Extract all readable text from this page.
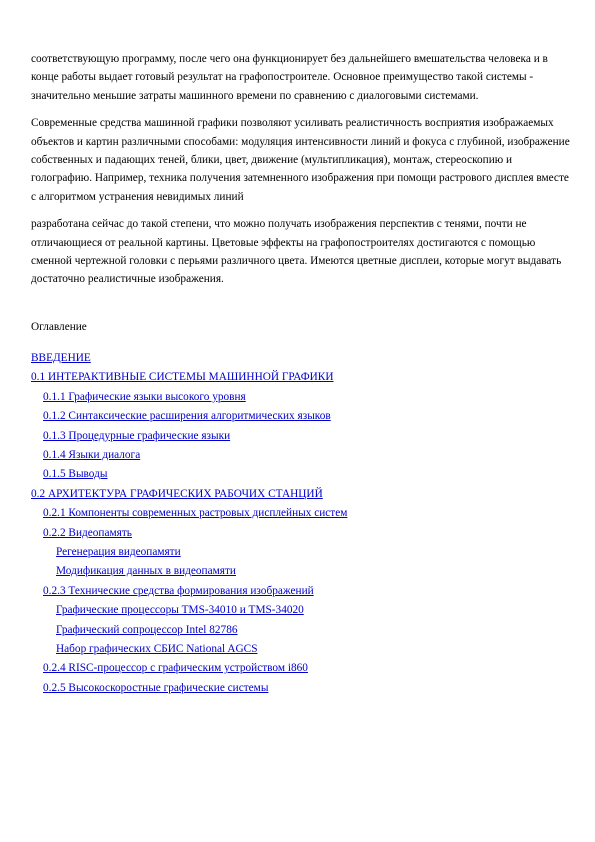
соответствующую программу, после чего она функционирует без дальнейшего вмешательства человека и в конце работы выдает готовый результат на графопостроителе. Основное преимущество такой системы - значительно меньшие затраты машинного времени по сравнению с диалоговыми системами.

Современные средства машинной графики позволяют усиливать реалистичность восприятия изображаемых объектов и картин различными способами: модуляция интенсивности линий и фокуса с глубиной, изображение собственных и падающих теней, блики, цвет, движение (мультипликация), монтаж, стереоскопию и голографию. Например, техника получения затемненного изображения при помощи растрового дисплея вместе с алгоритмом устранения невидимых линий

разработана сейчас до такой степени, что можно получать изображения перспектив с тенями, почти не отличающиеся от реальной картины. Цветовые эффекты на графопостроителях достигаются с помощью сменной чертежной головки с перьями различного цвета. Имеются цветные дисплеи, которые могут выдавать достаточно реалистичные изображения.

Оглавление
ВВЕДЕНИЕ
0.1 ИНТЕРАКТИВНЫЕ СИСТЕМЫ МАШИННОЙ ГРАФИКИ
0.1.1 Графические языки высокого уровня
0.1.2 Синтаксические расширения алгоритмических языков
0.1.3 Процедурные графические языки
0.1.4 Языки диалога
0.1.5 Выводы
0.2 АРХИТЕКТУРА ГРАФИЧЕСКИХ РАБОЧИХ СТАНЦИЙ
0.2.1 Компоненты современных растровых дисплейных систем
0.2.2 Видеопамять
Регенерация видеопамяти
Модификация данных в видеопамяти
0.2.3 Технические средства формирования изображений
Графические процессоры TMS-34010 и TMS-34020
Графический сопроцессор Intel 82786
Набор графических СБИС National AGCS
0.2.4 RISC-процессор с графическим устройством i860
0.2.5 Высокоскоростные графические системы
